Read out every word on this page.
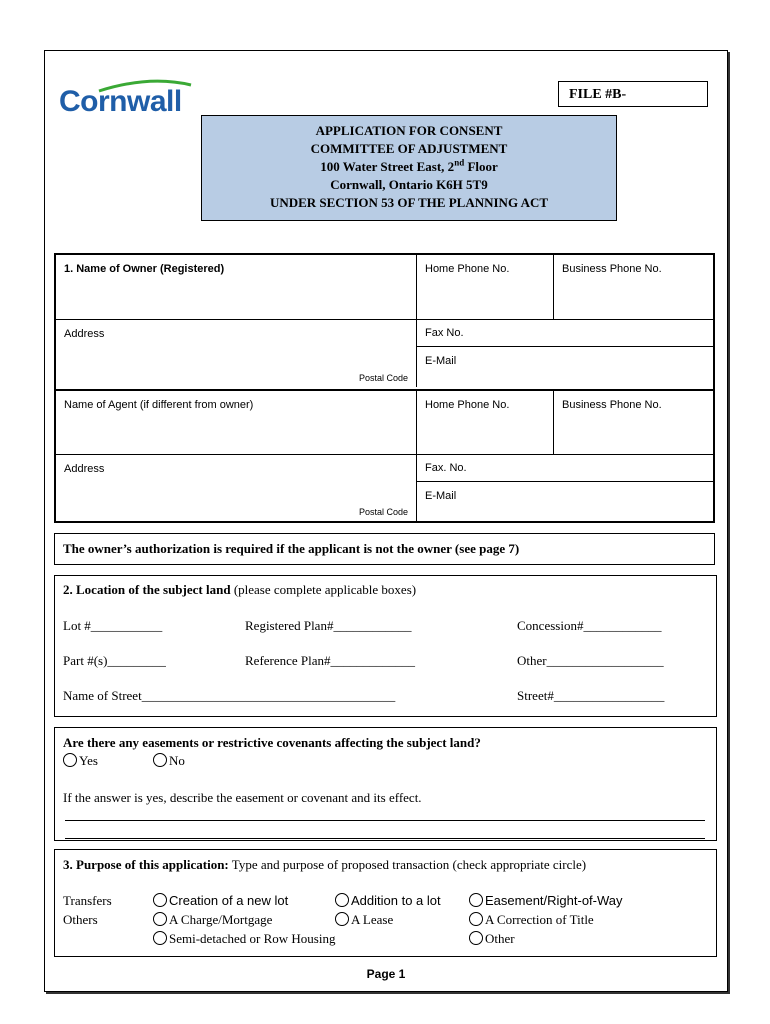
Cornwall	FILE #B-
APPLICATION FOR CONSENT
COMMITTEE OF ADJUSTMENT
100 Water Street East, 2nd Floor
Cornwall, Ontario K6H 5T9
UNDER SECTION 53 OF THE PLANNING ACT
1. Name of Owner (Registered)	Home Phone No.	Business Phone No.
Address
Postal Code
Fax No.
E-Mail
Name of Agent (if different from owner)	Home Phone No.	Business Phone No.
Address
Postal Code
Fax. No.
E-Mail
The owner’s authorization is required if the applicant is not the owner (see page 7)
2. Location of the subject land (please complete applicable boxes)
Lot #___________	Registered Plan#____________	Concession#____________
Part #(s)_________	Reference Plan#_____________	Other__________________
Name of Street_______________________________________	Street#_________________
Are there any easements or restrictive covenants affecting the subject land?
Yes	No
If the answer is yes, describe the easement or covenant and its effect.
3. Purpose of this application: Type and purpose of proposed transaction (check appropriate circle)
Transfers
Others
Creation of a new lot	Addition to a lot	Easement/Right-of-Way
A Charge/Mortgage	A Lease	A Correction of Title
Semi-detached or Row Housing	Other
Page 1
